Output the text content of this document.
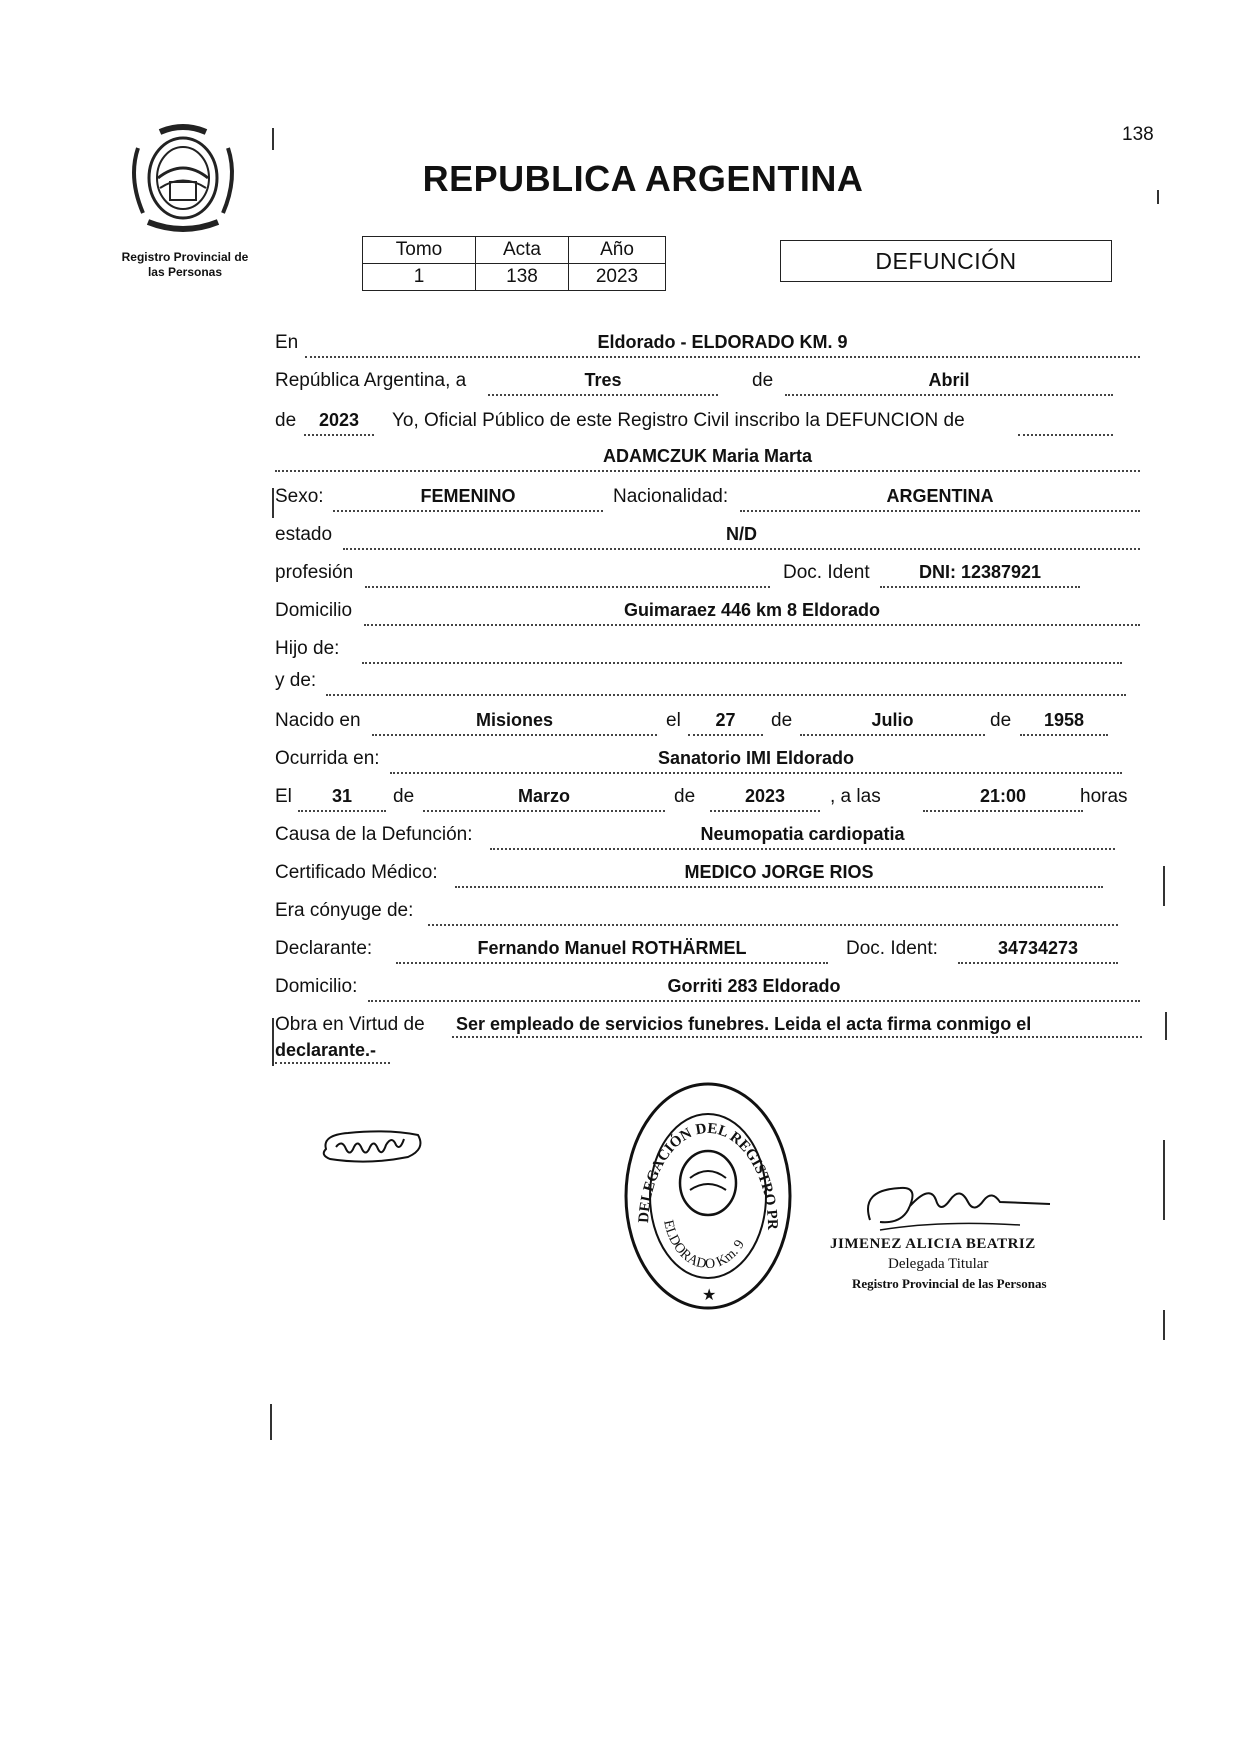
Registro Provincial de
las Personas
138
REPUBLICA ARGENTINA
Tomo	Acta	Año
1	138	2023
DEFUNCIÓN
En	Eldorado - ELDORADO KM. 9
República Argentina, a	Tres	de	Abril
de	2023	Yo, Oficial Público de este Registro Civil inscribo la DEFUNCION de
ADAMCZUK Maria Marta
Sexo:	FEMENINO	Nacionalidad:	ARGENTINA
estado	N/D
profesión	Doc. Ident	DNI: 12387921
Domicilio	Guimaraez 446 km 8 Eldorado
Hijo de:
y de:
Nacido en	Misiones	el	27	de	Julio	de	1958
Ocurrida en:	Sanatorio IMI Eldorado
El	31	de	Marzo	de	2023	, a las	21:00	horas
Causa de la Defunción:	Neumopatia cardiopatia
Certificado Médico:	MEDICO JORGE RIOS
Era cónyuge de:
Declarante:	Fernando Manuel ROTHÄRMEL	Doc. Ident:	34734273
Domicilio:	Gorriti 283 Eldorado
Obra en Virtud de Ser empleado de servicios funebres. Leida el acta firma conmigo el
declarante.-
DELEGACIÓN DEL REGISTRO PR
ELDORADO Km. 9
★
JIMENEZ ALICIA BEATRIZ
Delegada Titular
Registro Provincial de las Personas
